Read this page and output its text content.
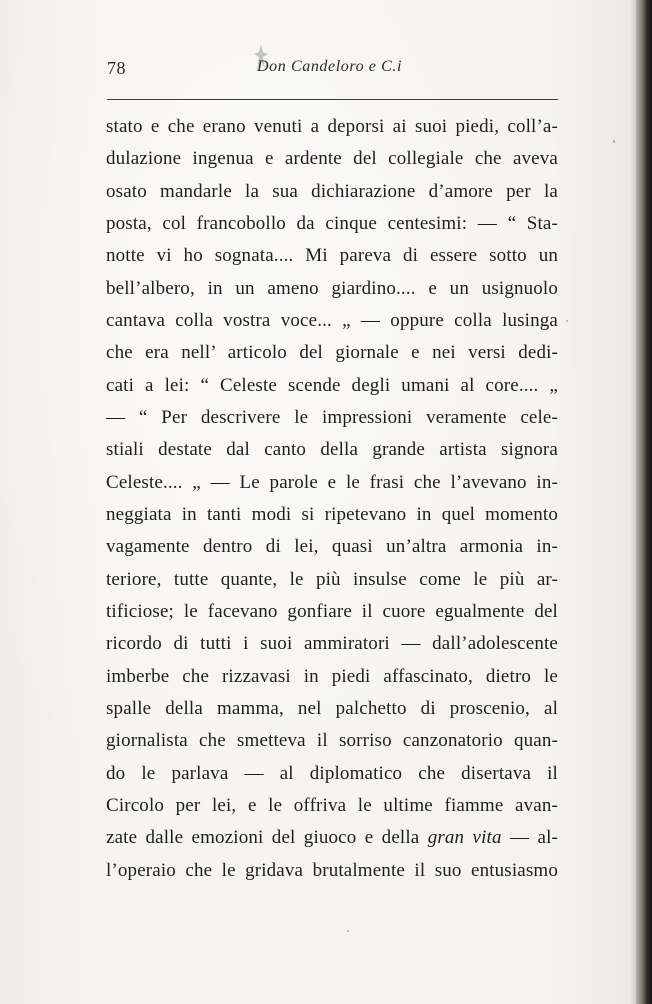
78	Don Candeloro e C.i
stato e che erano venuti a deporsi ai suoi piedi, coll’a-
dulazione ingenua e ardente del collegiale che aveva
osato mandarle la sua dichiarazione d’amore per la
posta, col francobollo da cinque centesimi: — “ Sta-
notte vi ho sognata.... Mi pareva di essere sotto un
bell’albero, in un ameno giardino.... e un usignuolo
cantava colla vostra voce... „ — oppure colla lusinga
che era nell’ articolo del giornale e nei versi dedi-
cati a lei: “ Celeste scende degli umani al core.... „
— “ Per descrivere le impressioni veramente cele-
stiali destate dal canto della grande artista signora
Celeste.... „ — Le parole e le frasi che l’avevano in-
neggiata in tanti modi si ripetevano in quel momento
vagamente dentro di lei, quasi un’altra armonia in-
teriore, tutte quante, le più insulse come le più ar-
tificiose; le facevano gonfiare il cuore egualmente del
ricordo di tutti i suoi ammiratori — dall’adolescente
imberbe che rizzavasi in piedi affascinato, dietro le
spalle della mamma, nel palchetto di proscenio, al
giornalista che smetteva il sorriso canzonatorio quan-
do le parlava — al diplomatico che disertava il
Circolo per lei, e le offriva le ultime fiamme avan-
zate dalle emozioni del giuoco e della gran vita — al-
l’operaio che le gridava brutalmente il suo entusiasmo
